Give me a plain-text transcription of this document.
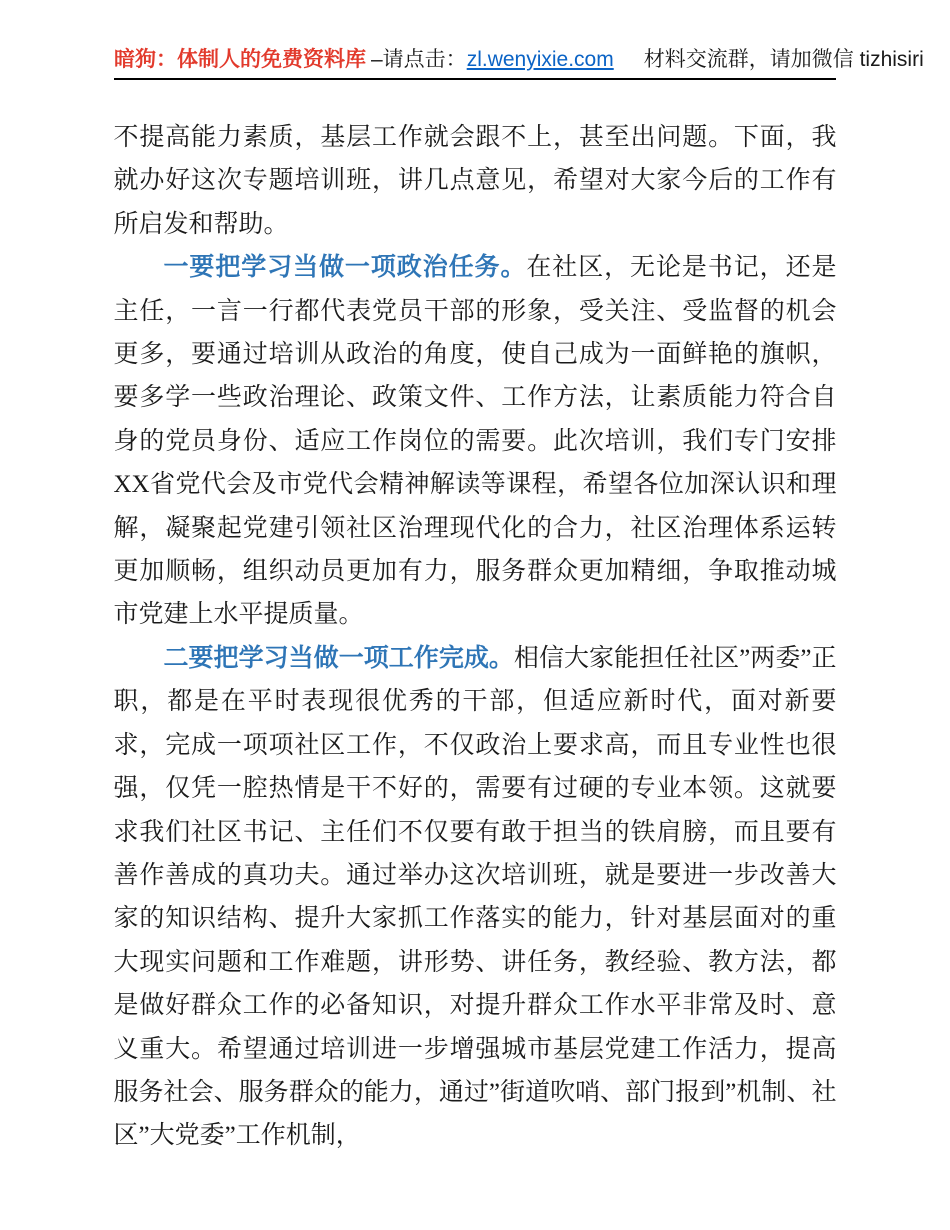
暗狗：体制人的免费资料库 –请点击：zl.wenyixie.com 材料交流群，请加微信 tizhisiri

不提高能力素质，基层工作就会跟不上，甚至出问题。下面，我就办好这次专题培训班，讲几点意见，希望对大家今后的工作有所启发和帮助。

一要把学习当做一项政治任务。在社区，无论是书记，还是主任，一言一行都代表党员干部的形象，受关注、受监督的机会更多，要通过培训从政治的角度，使自己成为一面鲜艳的旗帜，要多学一些政治理论、政策文件、工作方法，让素质能力符合自身的党员身份、适应工作岗位的需要。此次培训，我们专门安排XX省党代会及市党代会精神解读等课程，希望各位加深认识和理解，凝聚起党建引领社区治理现代化的合力，社区治理体系运转更加顺畅，组织动员更加有力，服务群众更加精细，争取推动城市党建上水平提质量。

二要把学习当做一项工作完成。相信大家能担任社区”两委”正职，都是在平时表现很优秀的干部，但适应新时代，面对新要求，完成一项项社区工作，不仅政治上要求高，而且专业性也很强，仅凭一腔热情是干不好的，需要有过硬的专业本领。这就要求我们社区书记、主任们不仅要有敢于担当的铁肩膀，而且要有善作善成的真功夫。通过举办这次培训班，就是要进一步改善大家的知识结构、提升大家抓工作落实的能力，针对基层面对的重大现实问题和工作难题，讲形势、讲任务，教经验、教方法，都是做好群众工作的必备知识，对提升群众工作水平非常及时、意义重大。希望通过培训进一步增强城市基层党建工作活力，提高服务社会、服务群众的能力，通过”街道吹哨、部门报到”机制、社区”大党委”工作机制，
